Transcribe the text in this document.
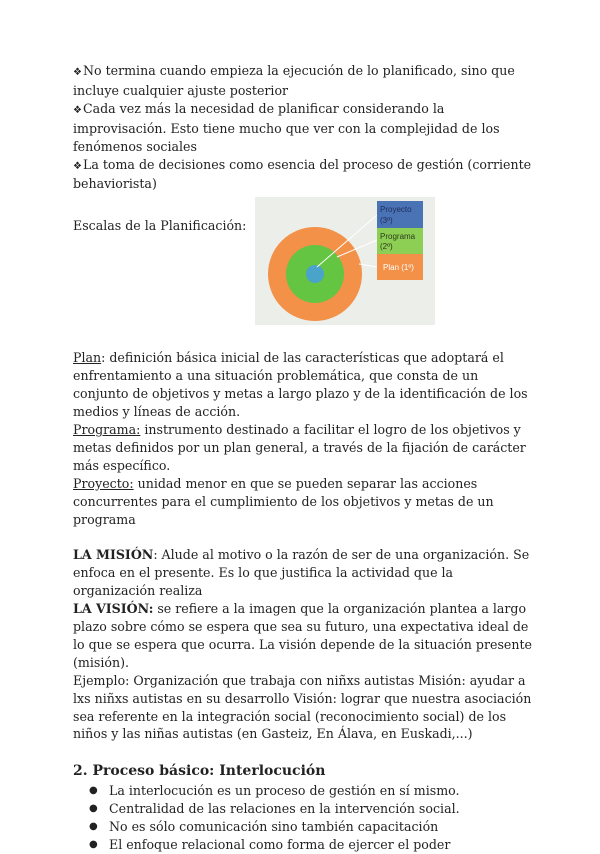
❖No termina cuando empieza la ejecución de lo planificado, sino que incluye cualquier ajuste posterior

❖Cada vez más la necesidad de planificar considerando la improvisación. Esto tiene mucho que ver con la complejidad de los fenómenos sociales

❖La toma de decisiones como esencia del proceso de gestión (corriente behaviorista)

Escalas de la Planificación:
Proyecto
(3º)
Programa
(2º)
Plan (1º)

Plan: definición básica inicial de las características que adoptará el enfrentamiento a una situación problemática, que consta de un conjunto de objetivos y metas a largo plazo y de la identificación de los medios y líneas de acción.

Programa: instrumento destinado a facilitar el logro de los objetivos y metas definidos por un plan general, a través de la fijación de carácter más específico.

Proyecto: unidad menor en que se pueden separar las acciones concurrentes para el cumplimiento de los objetivos y metas de un programa

LA MISIÓN: Alude al motivo o la razón de ser de una organización. Se enfoca en el presente. Es lo que justifica la actividad que la organización realiza

LA VISIÓN: se refiere a la imagen que la organización plantea a largo plazo sobre cómo se espera que sea su futuro, una expectativa ideal de lo que se espera que ocurra. La visión depende de la situación presente (misión).

Ejemplo: Organización que trabaja con niñxs autistas Misión: ayudar a lxs niñxs autistas en su desarrollo Visión: lograr que nuestra asociación sea referente en la integración social (reconocimiento social) de los niños y las niñas autistas (en Gasteiz, En Álava, en Euskadi,...)

2. Proceso básico: Interlocución
● La interlocución es un proceso de gestión en sí mismo.
● Centralidad de las relaciones en la intervención social.
● No es sólo comunicación sino también capacitación
● El enfoque relacional como forma de ejercer el poder
